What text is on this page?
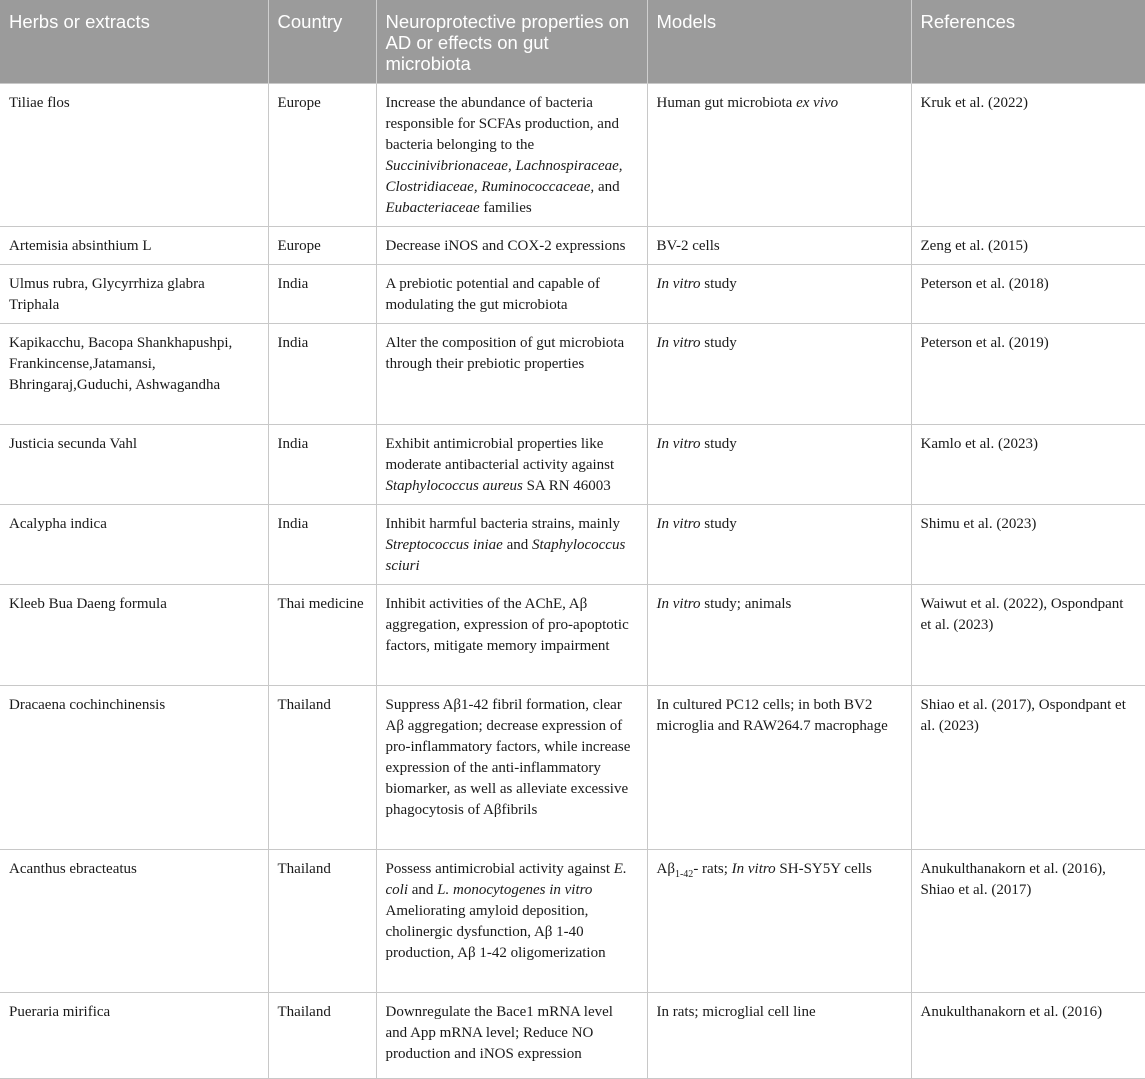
Herbs or extracts	Country	Neuroprotective properties on AD or effects on gut microbiota	Models	References
Tiliae flos	Europe	Increase the abundance of bacteria responsible for SCFAs production, and bacteria belonging to the Succinivibrionaceae, Lachnospiraceae, Clostridiaceae, Ruminococcaceae, and Eubacteriaceae families	Human gut microbiota ex vivo	Kruk et al. (2022)
Artemisia absinthium L	Europe	Decrease iNOS and COX-2 expressions	BV-2 cells	Zeng et al. (2015)
Ulmus rubra, Glycyrrhiza glabra Triphala	India	A prebiotic potential and capable of modulating the gut microbiota	In vitro study	Peterson et al. (2018)
Kapikacchu, Bacopa Shankhapushpi, Frankincense,Jatamansi, Bhringaraj,Guduchi, Ashwagandha	India	Alter the composition of gut microbiota through their prebiotic properties	In vitro study	Peterson et al. (2019)
Justicia secunda Vahl	India	Exhibit antimicrobial properties like moderate antibacterial activity against Staphylococcus aureus SA RN 46003	In vitro study	Kamlo et al. (2023)
Acalypha indica	India	Inhibit harmful bacteria strains, mainly Streptococcus iniae and Staphylococcus sciuri	In vitro study	Shimu et al. (2023)
Kleeb Bua Daeng formula	Thai medicine	Inhibit activities of the AChE, Aβ aggregation, expression of pro-apoptotic factors, mitigate memory impairment	In vitro study; animals	Waiwut et al. (2022), Ospondpant et al. (2023)
Dracaena cochinchinensis	Thailand	Suppress Aβ1-42 fibril formation, clear Aβ aggregation; decrease expression of pro-inflammatory factors, while increase expression of the anti-inflammatory biomarker, as well as alleviate excessive phagocytosis of Aβfibrils	In cultured PC12 cells; in both BV2 microglia and RAW264.7 macrophage	Shiao et al. (2017), Ospondpant et al. (2023)
Acanthus ebracteatus	Thailand	Possess antimicrobial activity against E. coli and L. monocytogenes in vitro Ameliorating amyloid deposition, cholinergic dysfunction, Aβ 1-40 production, Aβ 1-42 oligomerization	$A\beta_{1-42}-$ rats; In vitro SH-SY5Y cells	Anukulthanakorn et al. (2016), Shiao et al. (2017)
Pueraria mirifica	Thailand	Downregulate the Bace1 mRNA level and App mRNA level; Reduce NO production and iNOS expression	In rats; microglial cell line	Anukulthanakorn et al. (2016)
